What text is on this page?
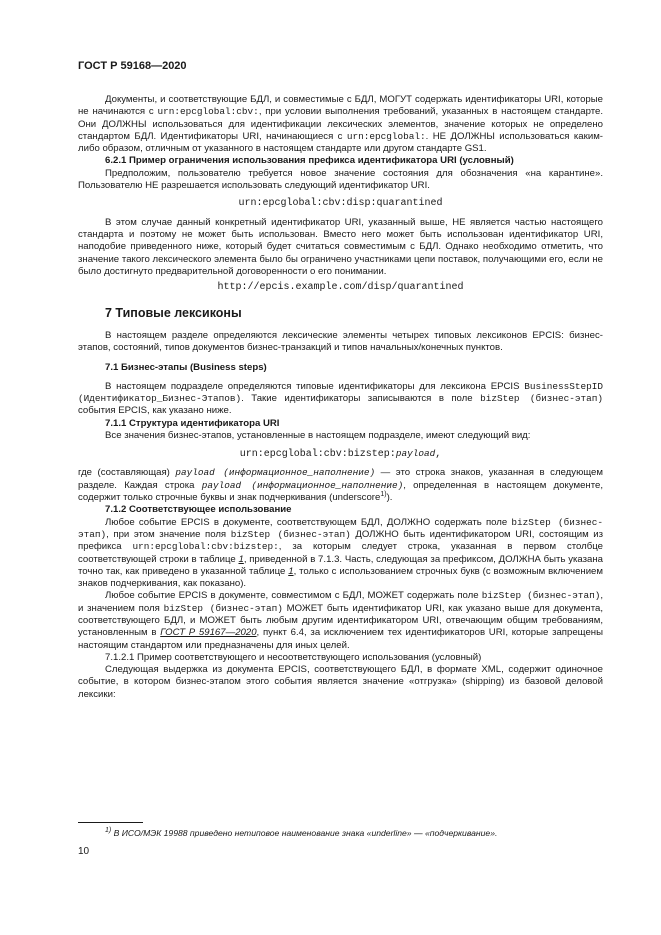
ГОСТ Р 59168—2020

Документы, и соответствующие БДЛ, и совместимые с БДЛ, МОГУТ содержать идентификаторы URI, которые не начинаются с urn:epcglobal:cbv:, при условии выполнения требований, указанных в настоящем стандарте. Они ДОЛЖНЫ использоваться для идентификации лексических элементов, значение которых не определено стандартом БДЛ. Идентификаторы URI, начинающиеся с urn:epcglobal:. НЕ ДОЛЖНЫ использоваться каким-либо образом, отличным от указанного в настоящем стандарте или другом стандарте GS1.

6.2.1 Пример ограничения использования префикса идентификатора URI (условный)

Предположим, пользователю требуется новое значение состояния для обозначения «на карантине». Пользователю НЕ разрешается использовать следующий идентификатор URI.

urn:epcglobal:cbv:disp:quarantined

В этом случае данный конкретный идентификатор URI, указанный выше, НЕ является частью настоящего стандарта и поэтому не может быть использован. Вместо него может быть использован идентификатор URI, наподобие приведенного ниже, который будет считаться совместимым с БДЛ. Однако необходимо отметить, что значение такого лексического элемента было бы ограничено участниками цепи поставок, получающими его, если не было достигнуто предварительной договоренности о его понимании.

http://epcis.example.com/disp/quarantined

7 Типовые лексиконы

В настоящем разделе определяются лексические элементы четырех типовых лексиконов EPCIS: бизнес-этапов, состояний, типов документов бизнес-транзакций и типов начальных/конечных пунктов.

7.1 Бизнес-этапы (Business steps)

В настоящем подразделе определяются типовые идентификаторы для лексикона EPCIS BusinessStepID (Идентификатор_Бизнес-Этапов). Такие идентификаторы записываются в поле bizStep (бизнес-этап) события EPCIS, как указано ниже.

7.1.1 Структура идентификатора URI

Все значения бизнес-этапов, установленные в настоящем подразделе, имеют следующий вид:

urn:epcglobal:cbv:bizstep:payload,

где (составляющая) payload (информационное_наполнение) — это строка знаков, указанная в следующем разделе. Каждая строка payload (информационное_наполнение), определенная в настоящем документе, содержит только строчные буквы и знак подчеркивания (underscore$^{1)}$).

7.1.2 Соответствующее использование

Любое событие EPCIS в документе, соответствующем БДЛ, ДОЛЖНО содержать поле bizStep (бизнес-этап), при этом значение поля bizStep (бизнес-этап) ДОЛЖНО быть идентификатором URI, состоящим из префикса urn:epcglobal:cbv:bizstep:, за которым следует строка, указанная в первом столбце соответствующей строки в таблице 1, приведенной в 7.1.3. Часть, следующая за префиксом, ДОЛЖНА быть указана точно так, как приведено в указанной таблице 1, только с использованием строчных букв (с возможным включением знаков подчеркивания, как показано).

Любое событие EPCIS в документе, совместимом с БДЛ, МОЖЕТ содержать поле bizStep (бизнес-этап), и значением поля bizStep (бизнес-этап) МОЖЕТ быть идентификатор URI, как указано выше для документа, соответствующего БДЛ, и МОЖЕТ быть любым другим идентификатором URI, отвечающим общим требованиям, установленным в ГОСТ Р 59167—2020, пункт 6.4, за исключением тех идентификаторов URI, которые запрещены настоящим стандартом или предназначены для иных целей.

7.1.2.1 Пример соответствующего и несоответствующего использования (условный)

Следующая выдержка из документа EPCIS, соответствующего БДЛ, в формате XML, содержит одиночное событие, в котором бизнес-этапом этого события является значение «отгрузка» (shipping) из базовой деловой лексики:

$^{1)}$ В ИСО/МЭК 19988 приведено нетиповое наименование знака «underline» — «подчеркивание».
10
